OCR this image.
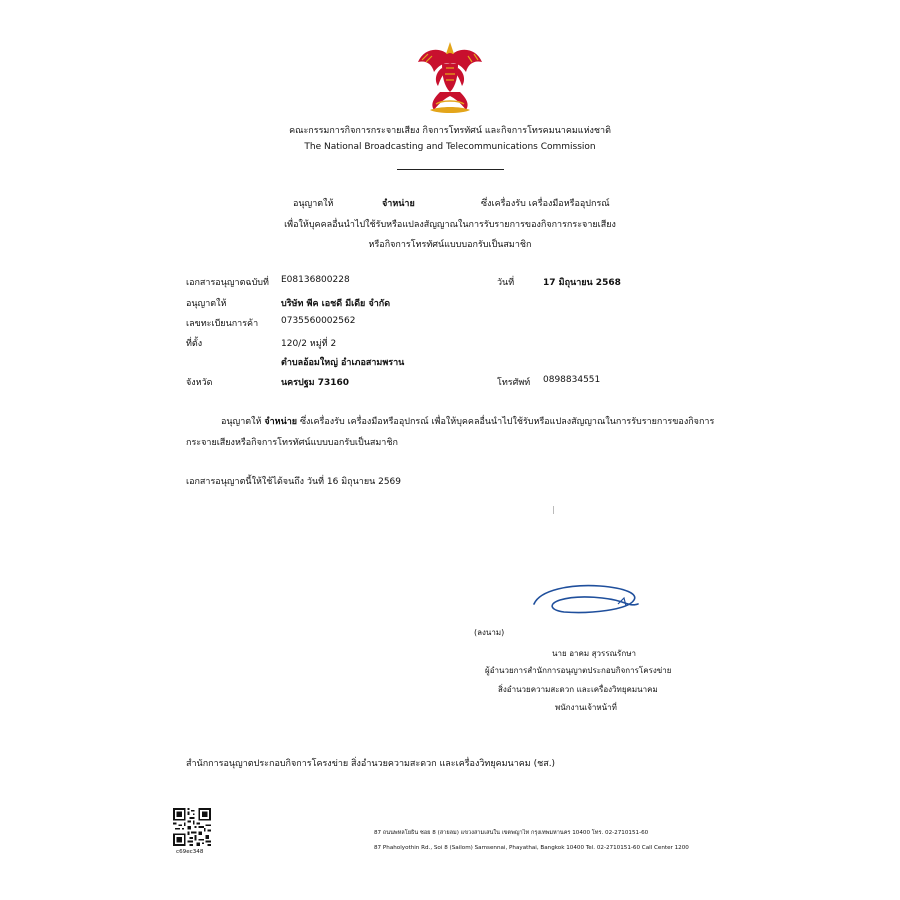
คณะกรรมการกิจการกระจายเสียง กิจการโทรทัศน์ และกิจการโทรคมนาคมแห่งชาติ
The National Broadcasting and Telecommunications Commission
อนุญาตให้	จำหน่าย	ซึ่งเครื่องรับ เครื่องมือหรืออุปกรณ์
เพื่อให้บุคคลอื่นนำไปใช้รับหรือแปลงสัญญาณในการรับรายการของกิจการกระจายเสียง
หรือกิจการโทรทัศน์แบบบอกรับเป็นสมาชิก
เอกสารอนุญาตฉบับที่ E08136800228	วันที่	17 มิถุนายน 2568
อนุญาตให้	บริษัท พีค เอชดี มีเดีย จำกัด
เลขทะเบียนการค้า	0735560002562
ที่ตั้ง	120/2 หมู่ที่ 2
ตำบลอ้อมใหญ่ อำเภอสามพราน
จังหวัด	นครปฐม 73160	โทรศัพท์ 0898834551
อนุญาตให้ จำหน่าย ซึ่งเครื่องรับ เครื่องมือหรืออุปกรณ์ เพื่อให้บุคคลอื่นนำไปใช้รับหรือแปลงสัญญาณในการรับรายการของกิจการ
กระจายเสียงหรือกิจการโทรทัศน์แบบบอกรับเป็นสมาชิก
เอกสารอนุญาตนี้ให้ใช้ได้จนถึง วันที่ 16 มิถุนายน 2569
(ลงนาม)
นาย อาคม สุวรรณรักษา
ผู้อำนวยการสำนักการอนุญาตประกอบกิจการโครงข่าย
สิ่งอำนวยความสะดวก และเครื่องวิทยุคมนาคม
พนักงานเจ้าหน้าที่
สำนักการอนุญาตประกอบกิจการโครงข่าย สิ่งอำนวยความสะดวก และเครื่องวิทยุคมนาคม (ชส.)
c69ec348
87 ถนนพหลโยธิน ซอย 8 (สายลม) แขวงสามเสนใน เขตพญาไท กรุงเทพมหานคร 10400 โทร. 02-2710151-60
87 Phaholyothin Rd., Soi 8 (Sailom) Samsennai, Phayathai, Bangkok 10400 Tel. 02-2710151-60 Call Center 1200
